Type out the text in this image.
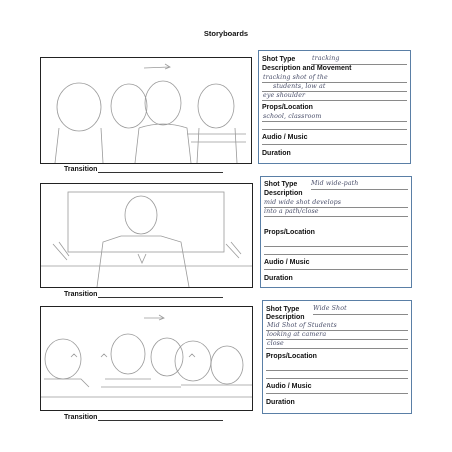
Storyboards
Transition
Shot Type	tracking
Description and Movement
tracking shot of the
students, low at
eye shoulder
Props/Location
school, classroom
Audio / Music
Duration
Transition
Shot Type Mid wide-path
Description
mid wide shot develops
into a path/close
Props/Location
Audio / Music
Duration
Transition
Shot Type Wide Shot
Description
Mid Shot of Students
looking at camera
close
Props/Location
Audio / Music
Duration
